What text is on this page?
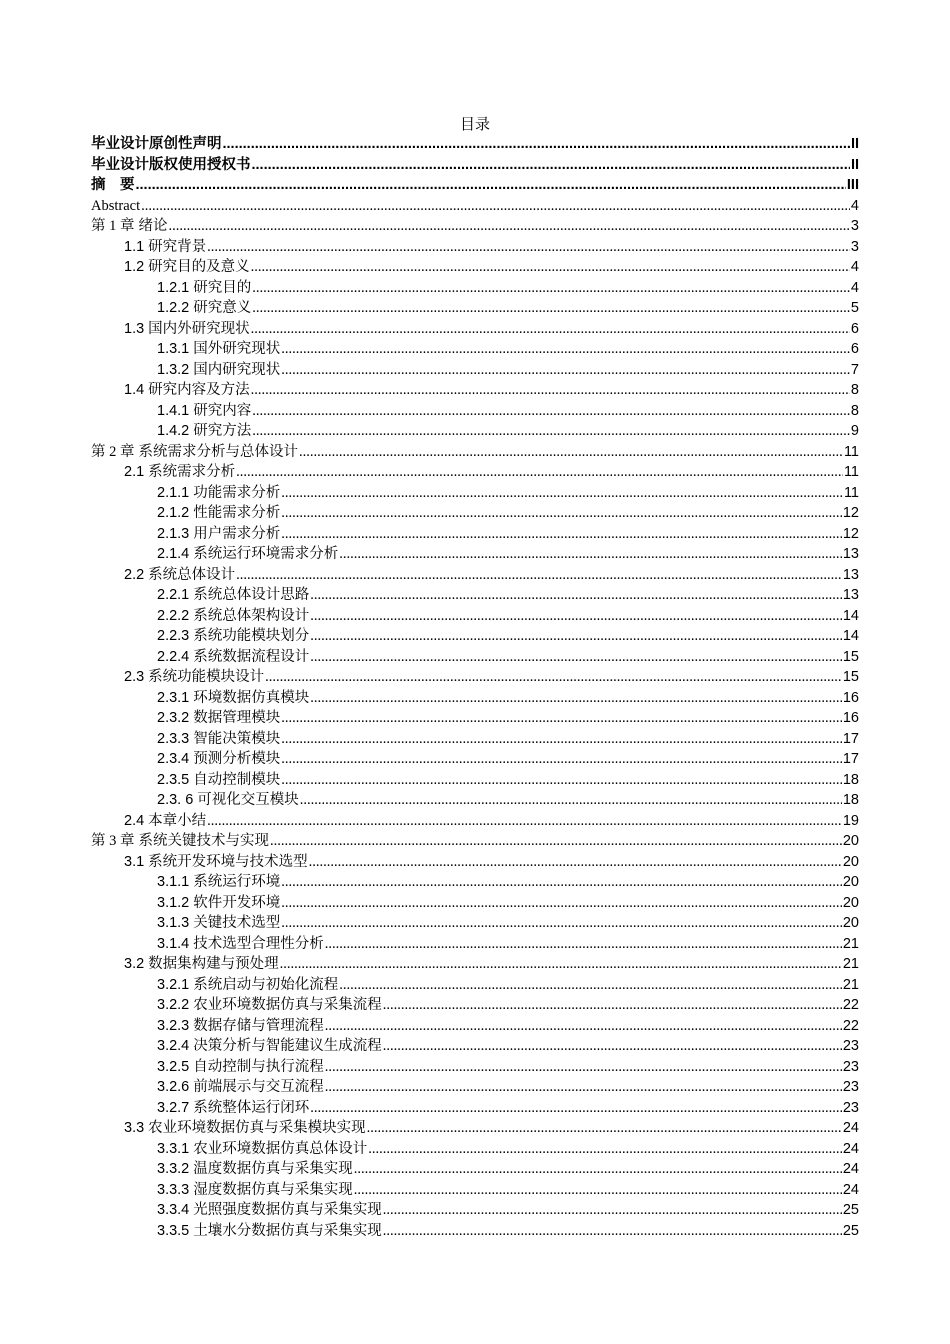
目录
毕业设计原创性声明 .....	II
毕业设计版权使用授权书 .....	II
摘　要 .....	III
Abstract .....	4
第 1 章 绪论 .....	3
1.1 研究背景 .....	3
1.2 研究目的及意义 .....	4
1.2.1 研究目的 .....	4
1.2.2 研究意义 .....	5
1.3 国内外研究现状 .....	6
1.3.1 国外研究现状 .....	6
1.3.2 国内研究现状 .....	7
1.4 研究内容及方法 .....	8
1.4.1 研究内容 .....	8
1.4.2 研究方法 .....	9
第 2 章 系统需求分析与总体设计 .....	11
2.1 系统需求分析 .....	11
2.1.1 功能需求分析 .....	11
2.1.2 性能需求分析 .....	12
2.1.3 用户需求分析 .....	12
2.1.4 系统运行环境需求分析 .....	13
2.2 系统总体设计 .....	13
2.2.1 系统总体设计思路 .....	13
2.2.2 系统总体架构设计 .....	14
2.2.3 系统功能模块划分 .....	14
2.2.4 系统数据流程设计 .....	15
2.3 系统功能模块设计 .....	15
2.3.1 环境数据仿真模块 .....	16
2.3.2 数据管理模块 .....	16
2.3.3 智能决策模块 .....	17
2.3.4 预测分析模块 .....	17
2.3.5 自动控制模块 .....	18
2.3. 6 可视化交互模块 .....	18
2.4 本章小结 .....	19
第 3 章 系统关键技术与实现 .....	20
3.1 系统开发环境与技术选型 .....	20
3.1.1 系统运行环境 .....	20
3.1.2 软件开发环境 .....	20
3.1.3 关键技术选型 .....	20
3.1.4 技术选型合理性分析 .....	21
3.2 数据集构建与预处理 .....	21
3.2.1 系统启动与初始化流程 .....	21
3.2.2 农业环境数据仿真与采集流程 .....	22
3.2.3 数据存储与管理流程 .....	22
3.2.4 决策分析与智能建议生成流程 .....	23
3.2.5 自动控制与执行流程 .....	23
3.2.6 前端展示与交互流程 .....	23
3.2.7 系统整体运行闭环 .....	23
3.3 农业环境数据仿真与采集模块实现 .....	24
3.3.1 农业环境数据仿真总体设计 .....	24
3.3.2 温度数据仿真与采集实现 .....	24
3.3.3 湿度数据仿真与采集实现 .....	24
3.3.4 光照强度数据仿真与采集实现 .....	25
3.3.5 土壤水分数据仿真与采集实现 .....	25
